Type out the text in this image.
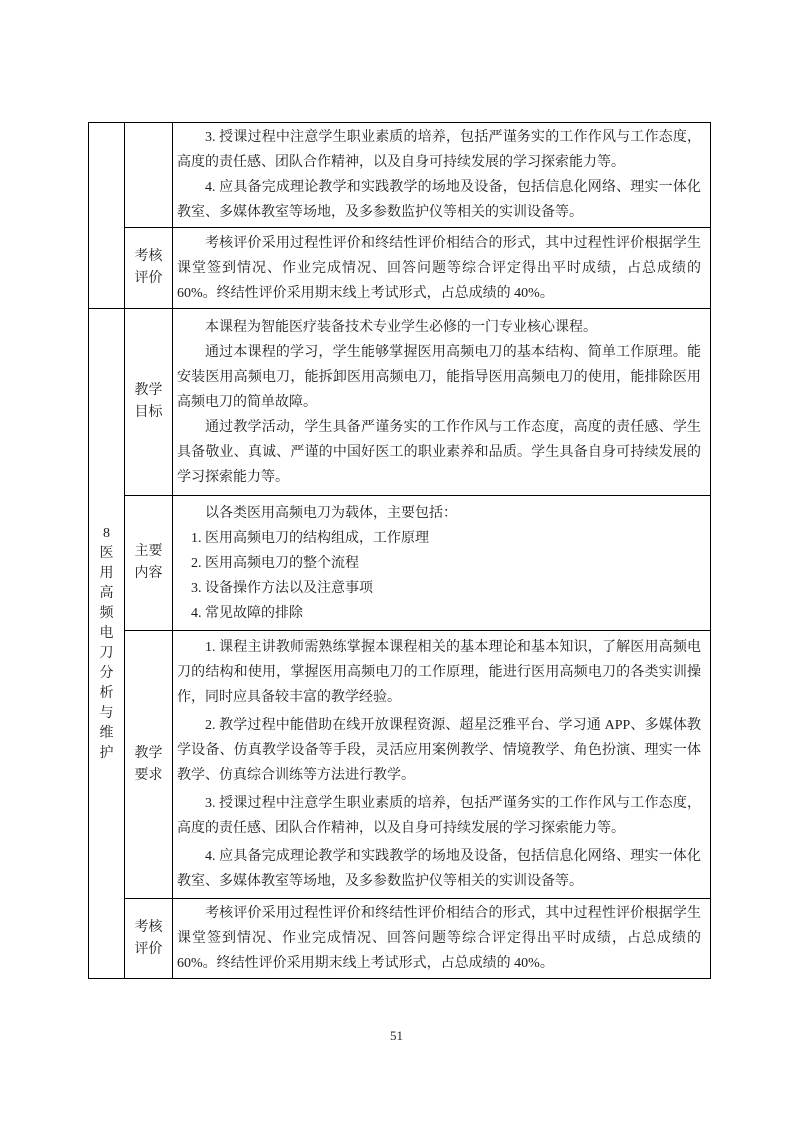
		3. 授课过程中注意学生职业素质的培养，包括严谨务实的工作作风与工作态度，高度的责任感、团队合作精神，以及自身可持续发展的学习探索能力等。

4. 应具备完成理论教学和实践教学的场地及设备，包括信息化网络、理实一体化教室、多媒体教室等场地，及多参数监护仪等相关的实训设备等。

	考核评价	考核评价采用过程性评价和终结性评价相结合的形式，其中过程性评价根据学生课堂签到情况、作业完成情况、回答问题等综合评定得出平时成绩，占总成绩的 60%。终结性评价采用期末线上考试形式，占总成绩的 40%。

8医用高频电刀分析与维护	教学目标	本课程为智能医疗装备技术专业学生必修的一门专业核心课程。

通过本课程的学习，学生能够掌握医用高频电刀的基本结构、简单工作原理。能安装医用高频电刀，能拆卸医用高频电刀，能指导医用高频电刀的使用，能排除医用高频电刀的简单故障。

通过教学活动，学生具备严谨务实的工作作风与工作态度，高度的责任感、学生具备敬业、真诚、严谨的中国好医工的职业素养和品质。学生具备自身可持续发展的学习探索能力等。

	主要内容	以各类医用高频电刀为载体，主要包括：

1. 医用高频电刀的结构组成，工作原理

2. 医用高频电刀的整个流程

3. 设备操作方法以及注意事项

4. 常见故障的排除

	教学要求	1. 课程主讲教师需熟练掌握本课程相关的基本理论和基本知识，了解医用高频电刀的结构和使用，掌握医用高频电刀的工作原理，能进行医用高频电刀的各类实训操作，同时应具备较丰富的教学经验。

2. 教学过程中能借助在线开放课程资源、超星泛雅平台、学习通 APP、多媒体教学设备、仿真教学设备等手段，灵活应用案例教学、情境教学、角色扮演、理实一体教学、仿真综合训练等方法进行教学。

3. 授课过程中注意学生职业素质的培养，包括严谨务实的工作作风与工作态度，高度的责任感、团队合作精神，以及自身可持续发展的学习探索能力等。

4. 应具备完成理论教学和实践教学的场地及设备，包括信息化网络、理实一体化教室、多媒体教室等场地，及多参数监护仪等相关的实训设备等。

	考核评价	考核评价采用过程性评价和终结性评价相结合的形式，其中过程性评价根据学生课堂签到情况、作业完成情况、回答问题等综合评定得出平时成绩，占总成绩的 60%。终结性评价采用期末线上考试形式，占总成绩的 40%。

51
